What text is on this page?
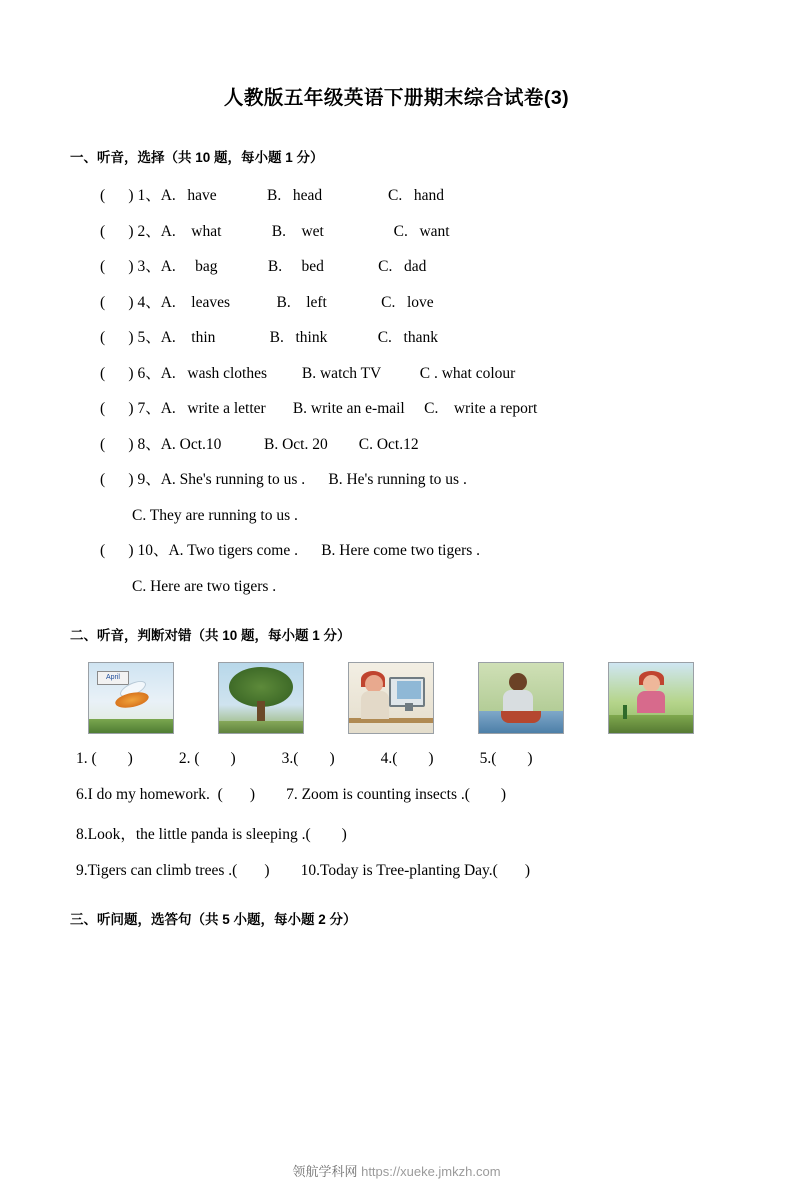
人教版五年级英语下册期末综合试卷(3)
一、听音，选择（共 10 题，每小题 1 分）
(      ) 1、A.   have             B.   head                 C.   hand
(      ) 2、A.    what             B.    wet                  C.   want
(      ) 3、A.     bag             B.     bed              C.   dad
(      ) 4、A.    leaves            B.    left              C.   love
(      ) 5、A.    thin              B.   think             C.   thank
(      ) 6、A.   wash clothes         B. watch TV          C . what colour
(      ) 7、A.   write a letter       B. write an e-mail     C.    write a report
(      ) 8、A. Oct.10           B. Oct. 20        C. Oct.12
(      ) 9、A. She's running to us .      B. He's running to us .
C. They are running to us .
(      ) 10、A. Two tigers come .      B. Here come two tigers .
C. Here are two tigers .
二、听音，判断对错（共 10 题，每小题 1 分）
April
1. (        )	2. (        )	3.(        )	4.(        )	5.(        )
6.I do my homework.  (       )        7. Zoom is counting insects .(        )
8.Look，the little panda is sleeping .(        )
9.Tigers can climb trees .(       )        10.Today is Tree-planting Day.(       )
三、听问题，选答句（共 5 小题，每小题 2 分）
领航学科网 https://xueke.jmkzh.com
